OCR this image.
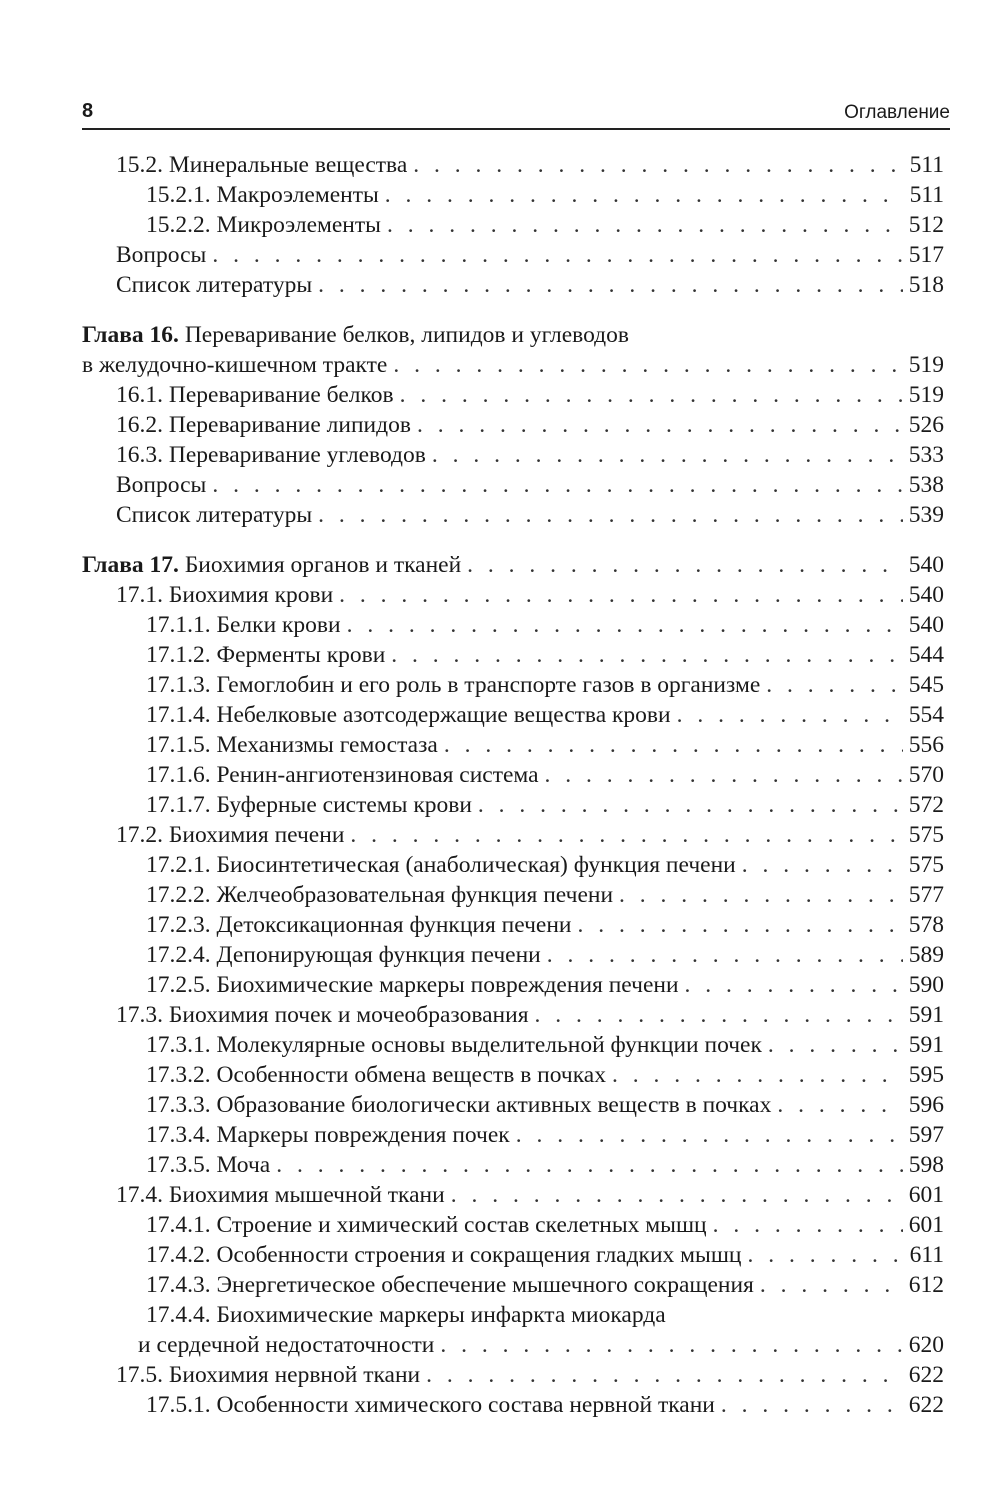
8	Оглавление
15.2. Минеральные вещества . . .	511
15.2.1. Макроэлементы . . .	511
15.2.2. Микроэлементы . . .	512
Вопросы . . .	517
Список литературы . . .	518
Глава 16. Переваривание белков, липидов и углеводов
в желудочно-кишечном тракте . . .	519
16.1. Переваривание белков . . .	519
16.2. Переваривание липидов . . .	526
16.3. Переваривание углеводов . . .	533
Вопросы . . .	538
Список литературы . . .	539
Глава 17. Биохимия органов и тканей . . .	540
17.1. Биохимия крови . . .	540
17.1.1. Белки крови . . .	540
17.1.2. Ферменты крови . . .	544
17.1.3. Гемоглобин и его роль в транспорте газов в организме . . .	545
17.1.4. Небелковые азотсодержащие вещества крови . . .	554
17.1.5. Механизмы гемостаза . . .	556
17.1.6. Ренин-ангиотензиновая система . . .	570
17.1.7. Буферные системы крови . . .	572
17.2. Биохимия печени . . .	575
17.2.1. Биосинтетическая (анаболическая) функция печени . . .	575
17.2.2. Желчеобразовательная функция печени . . .	577
17.2.3. Детоксикационная функция печени . . .	578
17.2.4. Депонирующая функция печени . . .	589
17.2.5. Биохимические маркеры повреждения печени . . .	590
17.3. Биохимия почек и мочеобразования . . .	591
17.3.1. Молекулярные основы выделительной функции почек . . .	591
17.3.2. Особенности обмена веществ в почках . . .	595
17.3.3. Образование биологически активных веществ в почках . . .	596
17.3.4. Маркеры повреждения почек . . .	597
17.3.5. Моча . . .	598
17.4. Биохимия мышечной ткани . . .	601
17.4.1. Строение и химический состав скелетных мышц . . .	601
17.4.2. Особенности строения и сокращения гладких мышц . . .	611
17.4.3. Энергетическое обеспечение мышечного сокращения . . .	612
17.4.4. Биохимические маркеры инфаркта миокарда
и сердечной недостаточности . . .	620
17.5. Биохимия нервной ткани . . .	622
17.5.1. Особенности химического состава нервной ткани . . .	622
